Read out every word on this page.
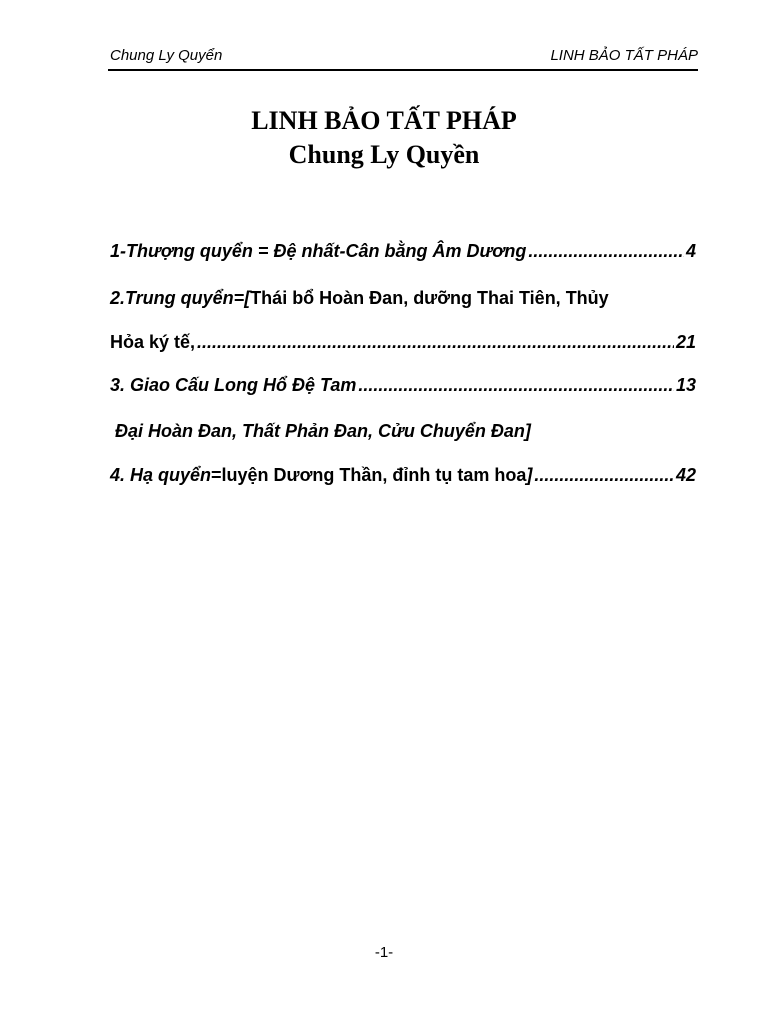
Chung Ly Quyển	LINH BẢO TẤT PHÁP
LINH BẢO TẤT PHÁP
Chung Ly Quyền
1-Thượng quyển = Đệ nhất-Cân bằng Âm Dương .....	4
2.Trung quyển=[Thái bổ Hoàn Đan, dưỡng Thai Tiên, Thủy
Hỏa ký tế, .....	21
3. Giao Cấu Long Hổ Đệ Tam .....	13
Đại Hoàn Đan, Thất Phản Đan, Cửu Chuyển Đan]
4. Hạ quyển=luyện Dương Thần, đỉnh tụ tam hoa] .....	42
-1-
